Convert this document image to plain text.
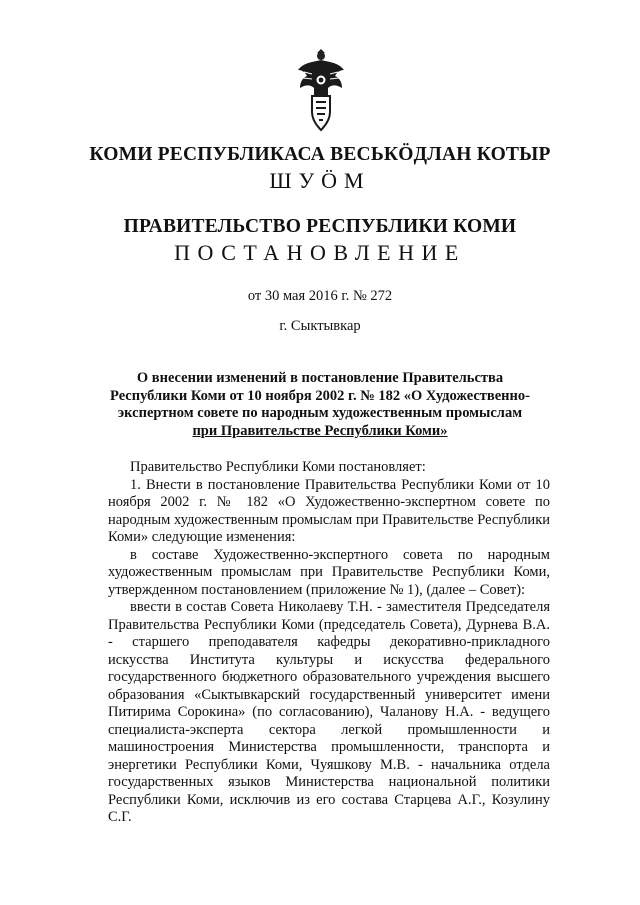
КОМИ РЕСПУБЛИКАСА ВЕСЬКӦДЛАН КОТЫР
ШУӦМ
ПРАВИТЕЛЬСТВО РЕСПУБЛИКИ КОМИ
ПОСТАНОВЛЕНИЕ
от 30 мая 2016 г. № 272
г. Сыктывкар
О внесении изменений в постановление Правительства
Республики Коми от 10 ноября 2002 г. № 182 «О Художественно-
экспертном совете по народным художественным промыслам
при Правительстве Республики Коми»

Правительство Республики Коми постановляет:

1. Внести в постановление Правительства Республики Коми от 10 ноября 2002 г. № 182 «О Художественно-экспертном совете по народным художественным промыслам при Правительстве Республики Коми» следующие изменения:

в составе Художественно-экспертного совета по народным художественным промыслам при Правительстве Республики Коми, утвержденном постановлением (приложение № 1), (далее – Совет):

ввести в состав Совета Николаеву Т.Н. - заместителя Председателя Правительства Республики Коми (председатель Совета), Дурнева В.А. - старшего преподавателя кафедры декоративно-прикладного искусства Института культуры и искусства федерального государственного бюджетного образовательного учреждения высшего образования «Сыктывкарский государственный университет имени Питирима Сорокина» (по согласованию), Чаланову Н.А. - ведущего специалиста-эксперта сектора легкой промышленности и машиностроения Министерства промышленности, транспорта и энергетики Республики Коми, Чуяшкову М.В. - начальника отдела государственных языков Министерства национальной политики Республики Коми, исключив из его состава Старцева А.Г., Козулину С.Г.
